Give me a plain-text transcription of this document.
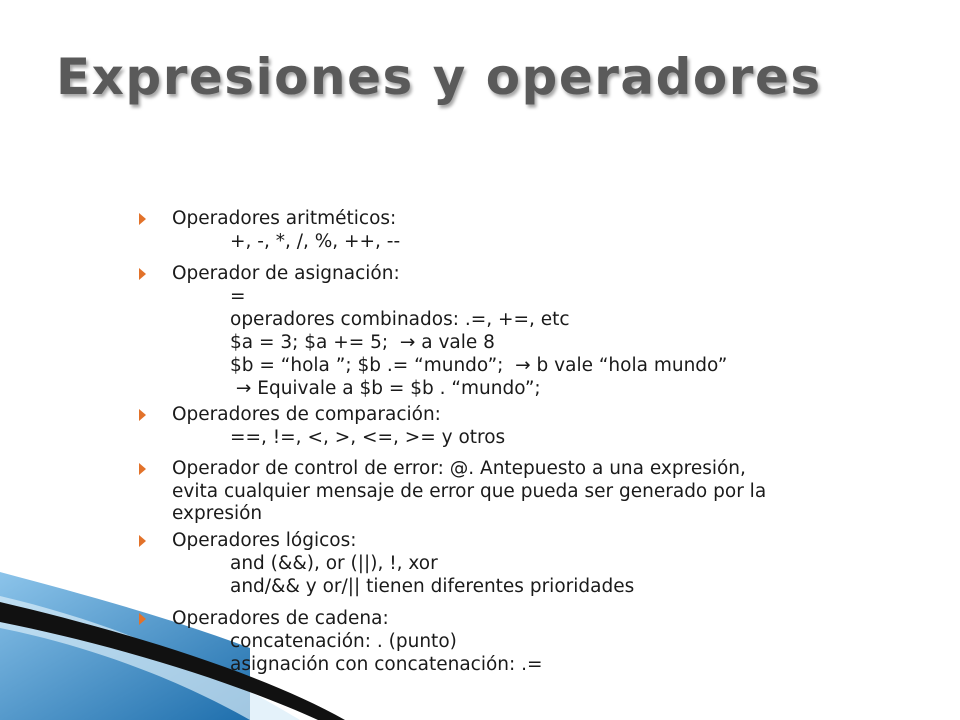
Expresiones y operadores
Operadores aritméticos:
+, -, *, /, %, ++, --
Operador de asignación:
=
operadores combinados: .=, +=, etc
$a = 3; $a += 5;  → a vale 8
$b = “hola ”; $b .= “mundo”;  → b vale “hola mundo”
→ Equivale a $b = $b . “mundo”;
Operadores de comparación:
==, !=, <, >, <=, >= y otros
Operador de control de error: @. Antepuesto a una expresión,
evita cualquier mensaje de error que pueda ser generado por la
expresión
Operadores lógicos:
and (&&), or (||), !, xor
and/&& y or/|| tienen diferentes prioridades
Operadores de cadena:
concatenación: . (punto)
asignación con concatenación: .=
